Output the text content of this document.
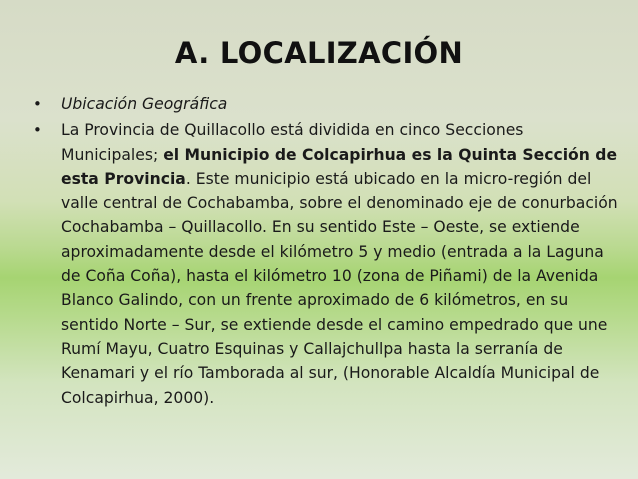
A. LOCALIZACIÓN
• Ubicación Geográfica
• La Provincia de Quillacollo está dividida en cinco Secciones Municipales; el Municipio de Colcapirhua es la Quinta Sección de esta Provincia. Este municipio está ubicado en la micro-región del valle central de Cochabamba, sobre el denominado eje de conurbación Cochabamba – Quillacollo. En su sentido Este – Oeste, se extiende aproximadamente desde el kilómetro 5 y medio (entrada a la Laguna de Coña Coña), hasta el kilómetro 10 (zona de Piñami) de la Avenida Blanco Galindo, con un frente aproximado de 6 kilómetros, en su sentido Norte – Sur, se extiende desde el camino empedrado que une Rumí Mayu, Cuatro Esquinas y Callajchullpa hasta la serranía de Kenamari y el río Tamborada al sur, (Honorable Alcaldía Municipal de Colcapirhua, 2000).
